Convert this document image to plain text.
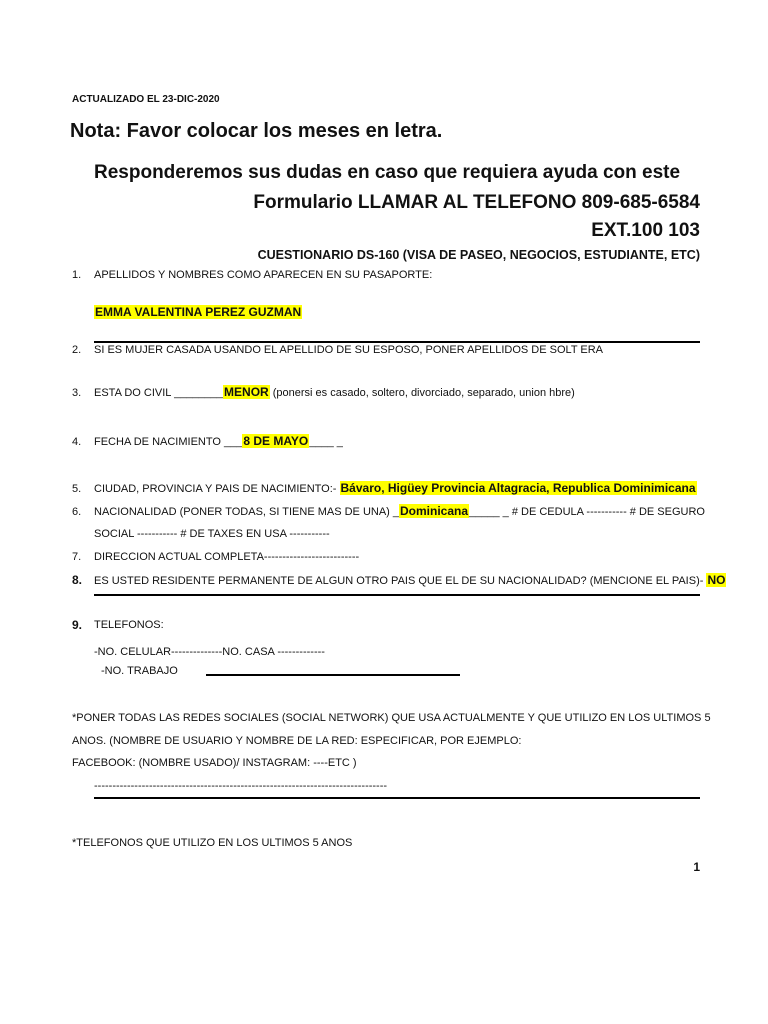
ACTUALIZADO EL 23-DIC-2020
Nota: Favor colocar los meses en letra.
Responderemos sus dudas en caso que requiera ayuda con este
Formulario LLAMAR AL TELEFONO 809-685-6584
EXT.100 103
CUESTIONARIO DS-160 (VISA DE PASEO, NEGOCIOS, ESTUDIANTE, ETC)
1.	APELLIDOS Y NOMBRES COMO APARECEN EN SU PASAPORTE:
EMMA VALENTINA PEREZ GUZMAN
2.	SI ES MUJER CASADA USANDO EL APELLIDO DE SU ESPOSO, PONER APELLIDOS DE SOLT ERA
3.	ESTA DO CIVIL ________MENOR (ponersi es casado, soltero, divorciado, separado, union hbre)
4.	FECHA DE NACIMIENTO ___8 DE MAYO____ _
5.	CIUDAD, PROVINCIA Y PAIS DE NACIMIENTO:- Bávaro, Higüey Provincia Altagracia, Republica Dominimicana
6.	NACIONALIDAD (PONER TODAS, SI TIENE MAS DE UNA) _Dominicana_____ _ # DE CEDULA ----------- # DE SEGURO
SOCIAL ----------- # DE TAXES EN USA -----------
7.	DIRECCION ACTUAL COMPLETA--------------------------
8.	ES USTED RESIDENTE PERMANENTE DE ALGUN OTRO PAIS QUE EL DE SU NACIONALIDAD? (MENCIONE EL PAIS)- NO
9.	TELEFONOS:
-NO. CELULAR--------------NO. CASA -------------
-NO. TRABAJO
*PONER TODAS LAS REDES SOCIALES (SOCIAL NETWORK) QUE USA ACTUALMENTE Y QUE UTILIZO EN LOS ULTIMOS 5
ANOS. (NOMBRE DE USUARIO Y NOMBRE DE LA RED: ESPECIFICAR, POR EJEMPLO:
FACEBOOK: (NOMBRE USADO)/ INSTAGRAM: ----ETC )
--------------------------------------------------------------------------------
*TELEFONOS QUE UTILIZO EN LOS ULTIMOS 5 ANOS
1
